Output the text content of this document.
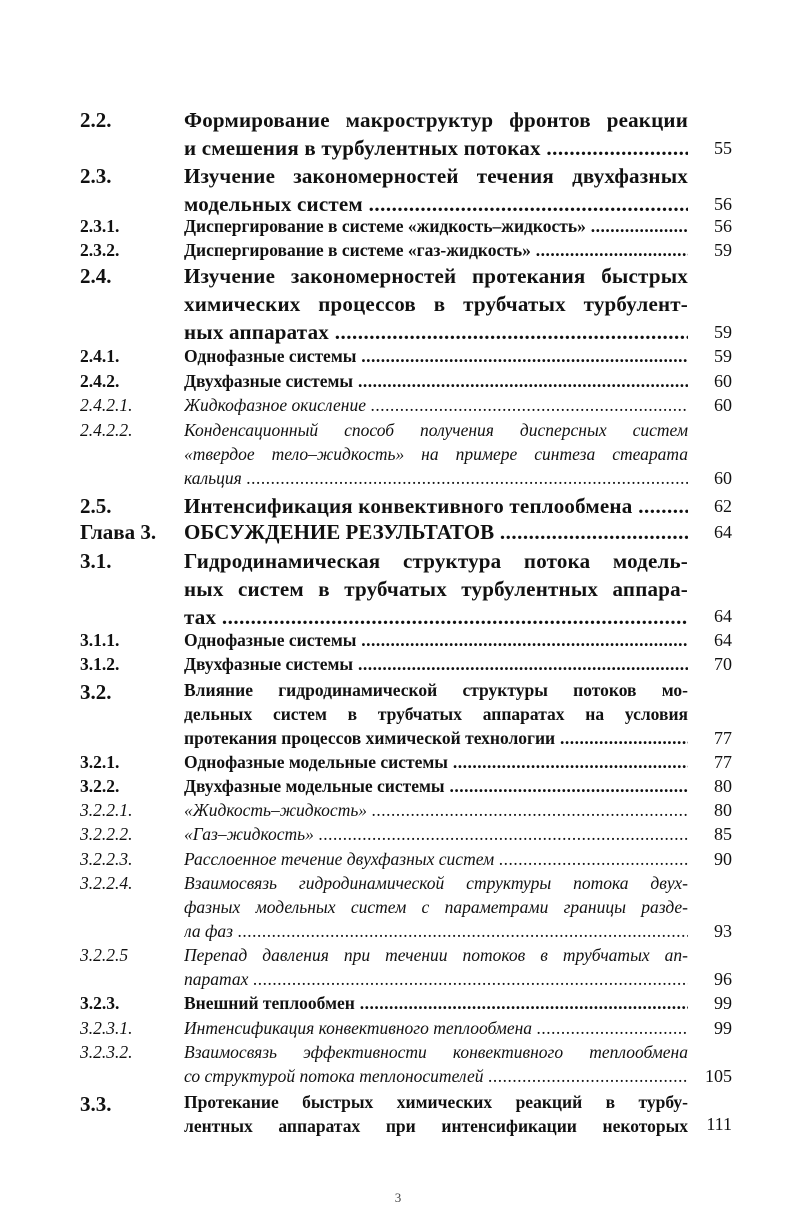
2.2.	Формирование макроструктур фронтов реакции
и смешения в турбулентных потоках .....	55
2.3.	Изучение закономерностей течения двухфазных
модельных систем .....	56
2.3.1.	Диспергирование в системе «жидкость–жидкость» .....	56
2.3.2.	Диспергирование в системе «газ-жидкость» .....	59
2.4.	Изучение закономерностей протекания быстрых
химических процессов в трубчатых турбулент-
ных аппаратах .....	59
2.4.1.	Однофазные системы .....	59
2.4.2.	Двухфазные системы .....	60
2.4.2.1.	Жидкофазное окисление .....	60
2.4.2.2.	Конденсационный способ получения дисперсных систем
«твердое тело–жидкость» на примере синтеза стеарата
кальция .....	60
2.5.	Интенсификация конвективного теплообмена .....	62
Глава 3. ОБСУЖДЕНИЕ РЕЗУЛЬТАТОВ .....	64
3.1.	Гидродинамическая структура потока модель-
ных систем в трубчатых турбулентных аппара-
тах .....	64
3.1.1.	Однофазные системы .....	64
3.1.2.	Двухфазные системы .....	70
3.2.	Влияние гидродинамической структуры потоков мо-
дельных систем в трубчатых аппаратах на условия
протекания процессов химической технологии .....	77
3.2.1.	Однофазные модельные системы .....	77
3.2.2.	Двухфазные модельные системы .....	80
3.2.2.1.	«Жидкость–жидкость» .....	80
3.2.2.2.	«Газ–жидкость» .....	85
3.2.2.3.	Расслоенное течение двухфазных систем .....	90
3.2.2.4.	Взаимосвязь гидродинамической структуры потока двух-
фазных модельных систем с параметрами границы разде-
ла фаз .....	93
3.2.2.5	Перепад давления при течении потоков в трубчатых ап-
паратах .....	96
3.2.3.	Внешний теплообмен .....	99
3.2.3.1.	Интенсификация конвективного теплообмена .....	99
3.2.3.2.	Взаимосвязь эффективности конвективного теплообмена
со структурой потока теплоносителей .....	105
3.3.	Протекание быстрых химических реакций в турбу-
лентных аппаратах при интенсификации некоторых	111
3
